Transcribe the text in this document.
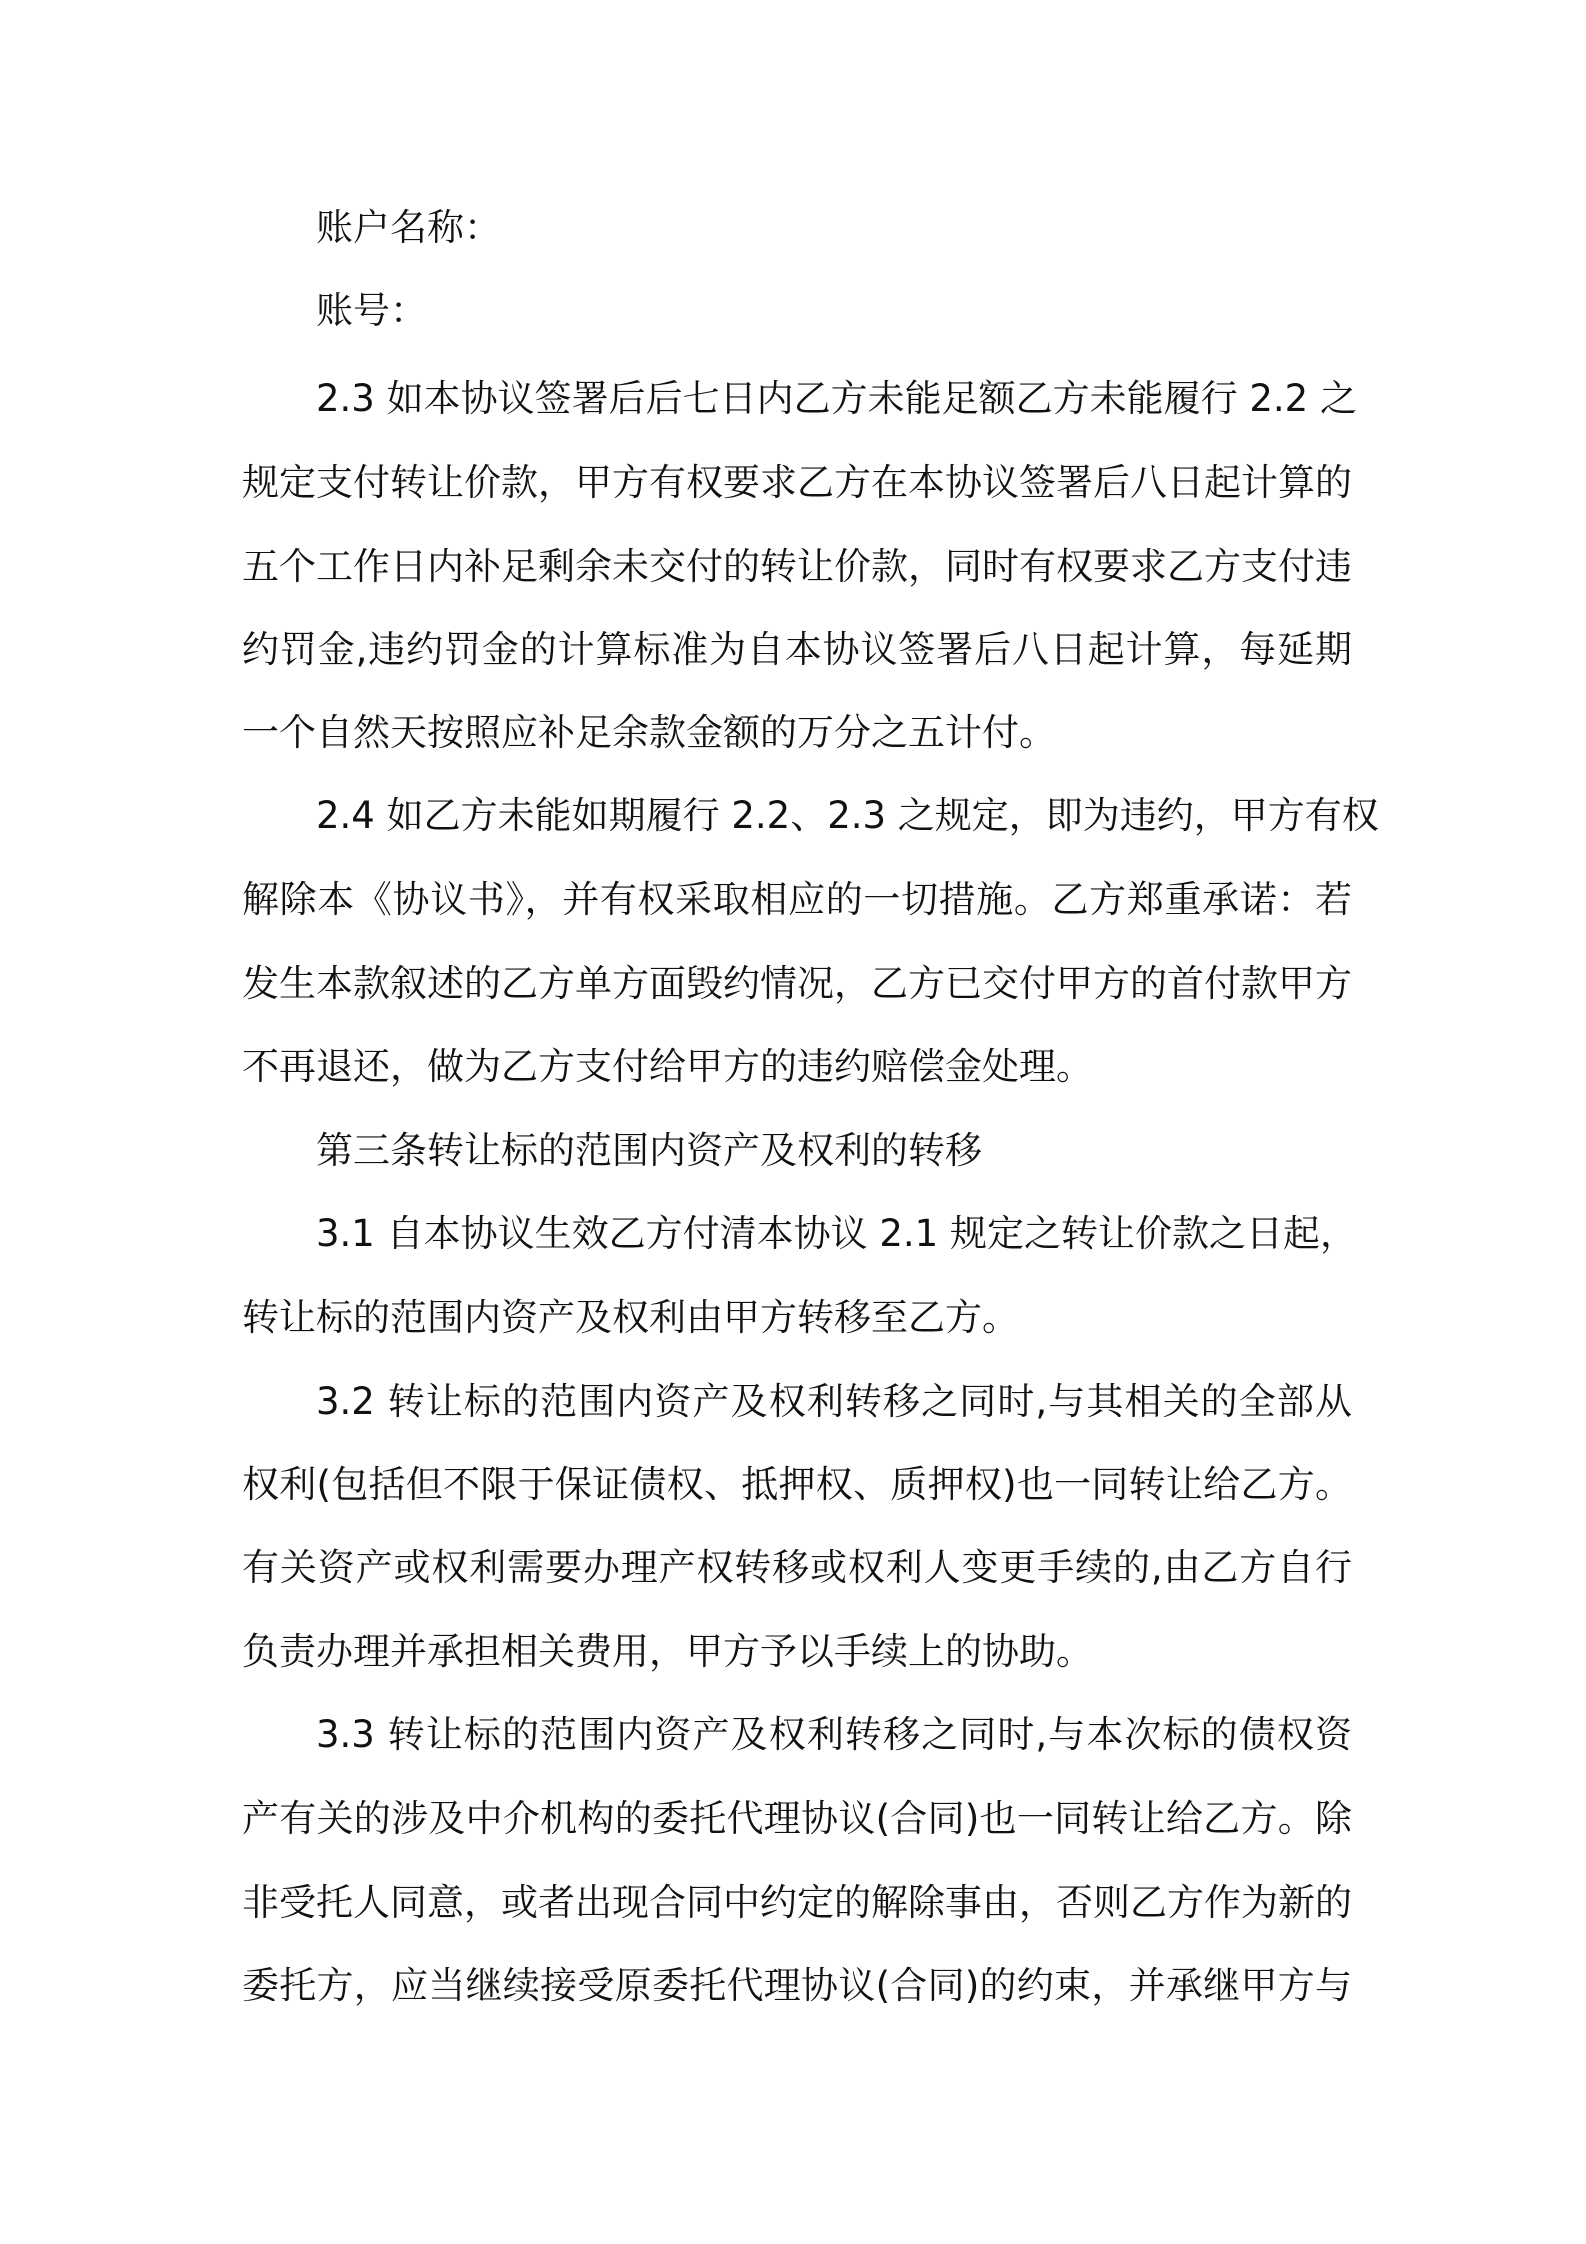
账户名称：
账号：
2.3 如本协议签署后后七日内乙方未能足额乙方未能履行 2.2 之
规定支付转让价款，甲方有权要求乙方在本协议签署后八日起计算的
五个工作日内补足剩余未交付的转让价款，同时有权要求乙方支付违
约罚金,违约罚金的计算标准为自本协议签署后八日起计算，每延期
一个自然天按照应补足余款金额的万分之五计付。
2.4 如乙方未能如期履行 2.2、2.3 之规定，即为违约，甲方有权
解除本《协议书》，并有权采取相应的一切措施。乙方郑重承诺：若
发生本款叙述的乙方单方面毁约情况，乙方已交付甲方的首付款甲方
不再退还，做为乙方支付给甲方的违约赔偿金处理。
第三条转让标的范围内资产及权利的转移
3.1 自本协议生效乙方付清本协议 2.1 规定之转让价款之日起，
转让标的范围内资产及权利由甲方转移至乙方。
3.2 转让标的范围内资产及权利转移之同时,与其相关的全部从
权利(包括但不限于保证债权、抵押权、质押权)也一同转让给乙方。
有关资产或权利需要办理产权转移或权利人变更手续的,由乙方自行
负责办理并承担相关费用，甲方予以手续上的协助。
3.3 转让标的范围内资产及权利转移之同时,与本次标的债权资
产有关的涉及中介机构的委托代理协议(合同)也一同转让给乙方。除
非受托人同意，或者出现合同中约定的解除事由，否则乙方作为新的
委托方，应当继续接受原委托代理协议(合同)的约束，并承继甲方与
